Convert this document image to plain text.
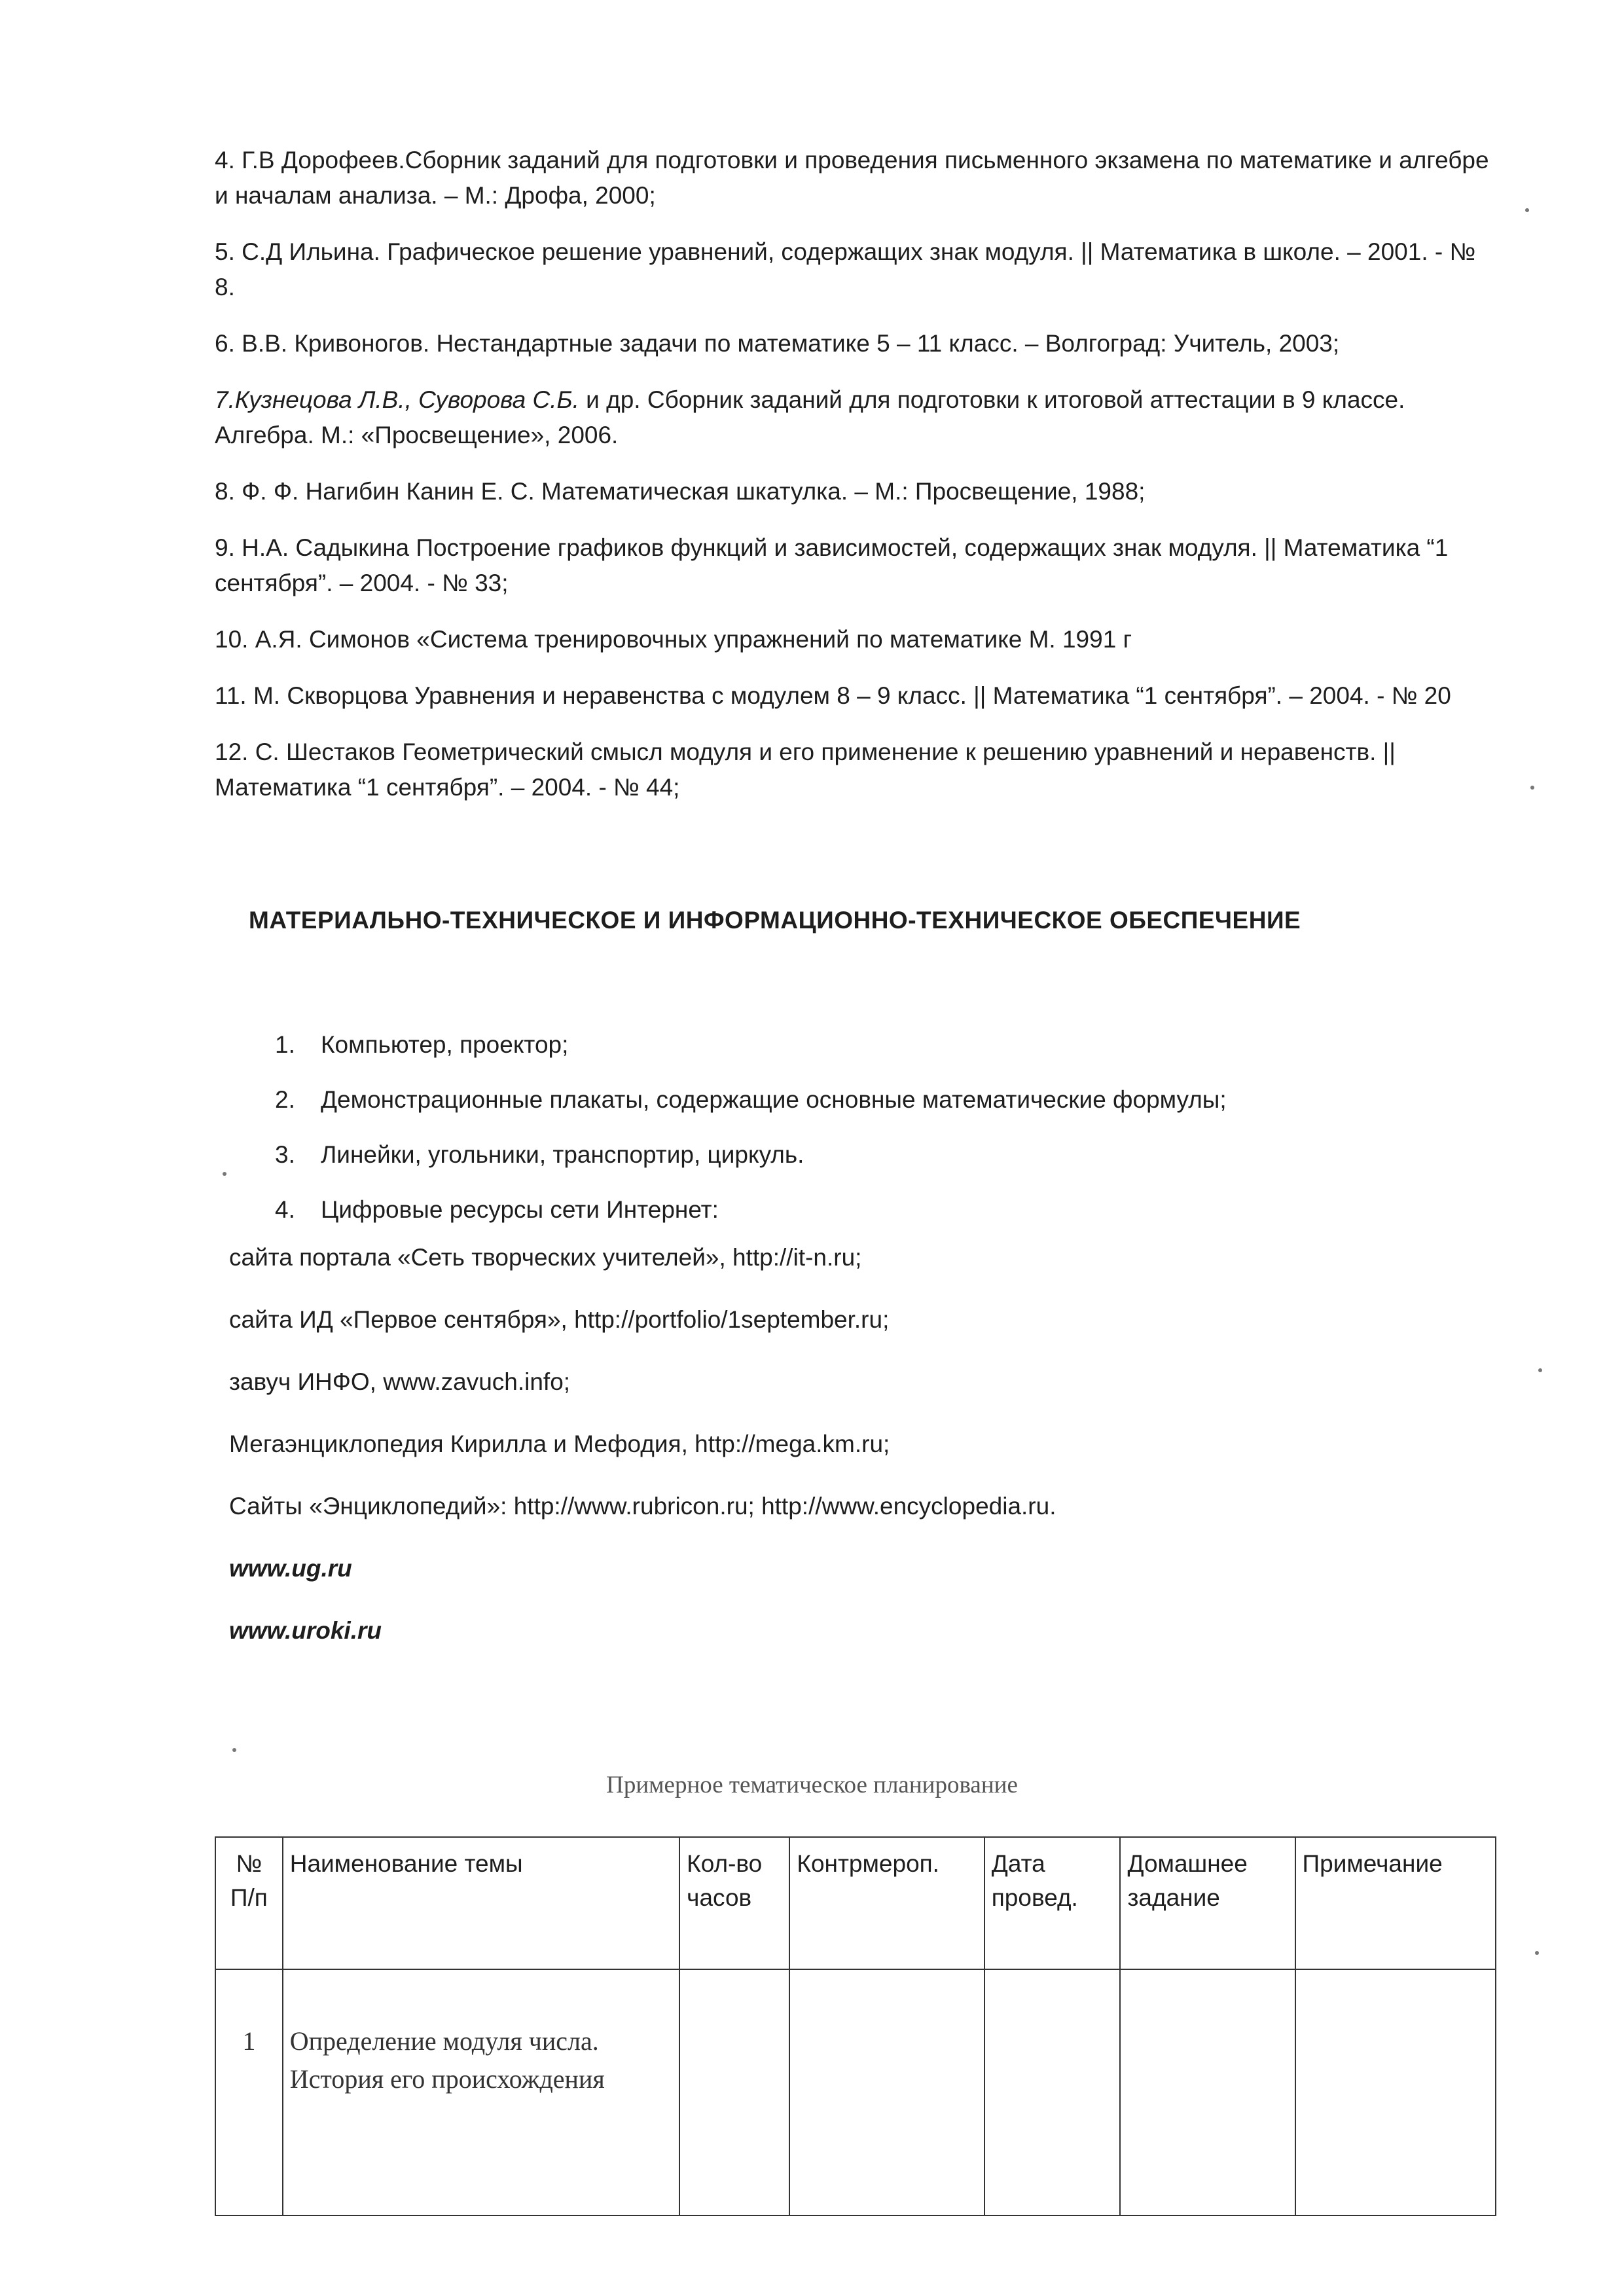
4. Г.В Дорофеев.Сборник заданий для подготовки и проведения письменного экзамена по математике и алгебре и началам анализа. – М.: Дрофа, 2000;

5. С.Д Ильина. Графическое решение уравнений, содержащих знак модуля. || Математика в школе. – 2001. - № 8.

6. В.В. Кривоногов. Нестандартные задачи по математике 5 – 11 класс. – Волгоград: Учитель, 2003;

7.Кузнецова Л.В., Суворова С.Б. и др. Сборник заданий для подготовки к итоговой аттестации в 9 классе. Алгебра. М.: «Просвещение», 2006.

8. Ф. Ф. Нагибин Канин Е. С. Математическая шкатулка. – М.: Просвещение, 1988;

9. Н.А. Садыкина Построение графиков функций и зависимостей, содержащих знак модуля. || Математика “1 сентября”. – 2004. - № 33;

10. А.Я. Симонов «Система тренировочных упражнений по математике М. 1991 г

11. М. Скворцова Уравнения и неравенства с модулем 8 – 9 класс. || Математика “1 сентября”. – 2004. - № 20

12. С. Шестаков Геометрический смысл модуля и его применение к решению уравнений и неравенств. || Математика “1 сентября”. – 2004. - № 44;

МАТЕРИАЛЬНО-ТЕХНИЧЕСКОЕ И ИНФОРМАЦИОННО-ТЕХНИЧЕСКОЕ ОБЕСПЕЧЕНИЕ
1. Компьютер, проектор;
2. Демонстрационные плакаты, содержащие основные математические формулы;
3. Линейки, угольники, транспортир, циркуль.
4. Цифровые ресурсы сети Интернет:
сайта портала «Сеть творческих учителей», http://it-n.ru;
сайта ИД «Первое сентября», http://portfolio/1september.ru;
завуч ИНФО, www.zavuch.info;
Мегаэнциклопедия Кирилла и Мефодия, http://mega.km.ru;
Сайты «Энциклопедий»: http://www.rubricon.ru; http://www.encyclopedia.ru.
www.ug.ru
www.uroki.ru
Примерное тематическое планирование
№ П/п	Наименование темы	Кол-во часов	Контрмероп.	Дата провед.	Домашнее задание	Примечание
1	Определение модуля числа. История его происхождения					
